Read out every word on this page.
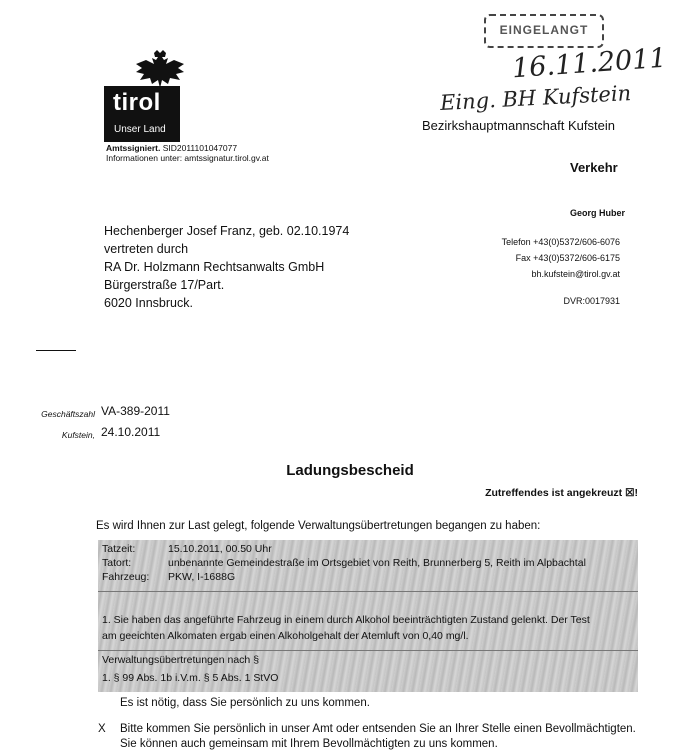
tirol
Unser Land
Amtssigniert. SID2011101047077
Informationen unter: amtssignatur.tirol.gv.at
EINGELANGT
16.11.2011
Eing. BH Kufstein
Bezirkshauptmannschaft Kufstein
Verkehr
Georg Huber
Telefon +43(0)5372/606-6076
Fax +43(0)5372/606-6175
bh.kufstein@tirol.gv.at
DVR:0017931
Hechenberger Josef Franz, geb. 02.10.1974
vertreten durch
RA Dr. Holzmann Rechtsanwalts GmbH
Bürgerstraße 17/Part.
6020 Innsbruck.
Geschäftszahl VA-389-2011
Kufstein, 24.10.2011
Ladungsbescheid
Zutreffendes ist angekreuzt ☒!
Es wird Ihnen zur Last gelegt, folgende Verwaltungsübertretungen begangen zu haben:
Tatzeit:	15.10.2011, 00.50 Uhr
Tatort:	unbenannte Gemeindestraße im Ortsgebiet von Reith, Brunnerberg 5, Reith im Alpbachtal
Fahrzeug: PKW, I-1688G
1. Sie haben das angeführte Fahrzeug in einem durch Alkohol beeinträchtigten Zustand gelenkt. Der Test
am geeichten Alkomaten ergab einen Alkoholgehalt der Atemluft von 0,40 mg/l.
Verwaltungsübertretungen nach §
1. § 99 Abs. 1b i.V.m. § 5 Abs. 1 StVO
Es ist nötig, dass Sie persönlich zu uns kommen.
X Bitte kommen Sie persönlich in unser Amt oder entsenden Sie an Ihrer Stelle einen Bevollmächtigten.
Sie können auch gemeinsam mit Ihrem Bevollmächtigten zu uns kommen.
